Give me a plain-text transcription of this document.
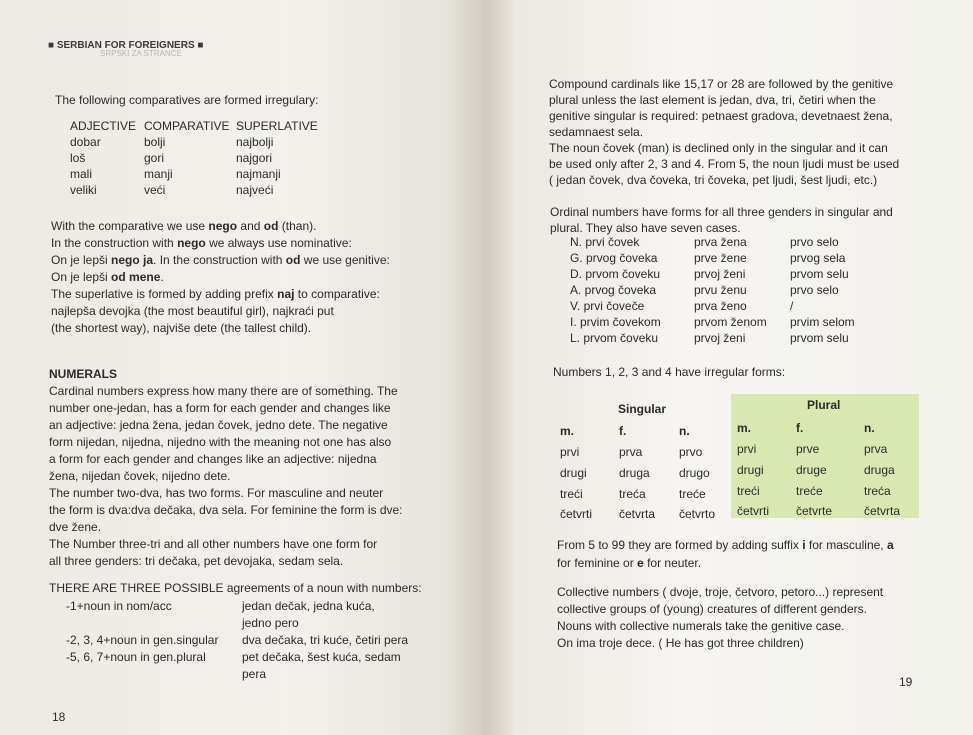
■ SERBIAN FOR FOREIGNERS ■
SRPSKI ZA STRANCE
The following comparatives are formed irregulary:
ADJECTIVE COMPARATIVE SUPERLATIVE
dobar	bolji	najbolji
loš	gori	najgori
mali	manji	najmanji
veliki	veći	najveći
With the comparative we use nego and od (than).
In the construction with nego we always use nominative:
On je lepši nego ja. In the construction with od we use genitive:
On je lepši od mene.
The superlative is formed by adding prefix naj to comparative:
najlepša devojka (the most beautiful girl), najkraći put
(the shortest way), najviše dete (the tallest child).
NUMERALS
Cardinal numbers express how many there are of something. The
number one-jedan, has a form for each gender and changes like
an adjective: jedna žena, jedan čovek, jedno dete. The negative
form nijedan, nijedna, nijedno with the meaning not one has also
a form for each gender and changes like an adjective: nijedna
žena, nijedan čovek, nijedno dete.
The number two-dva, has two forms. For masculine and neuter
the form is dva:dva dečaka, dva sela. For feminine the form is dve:
dve žene.
The Number three-tri and all other numbers have one form for
all three genders: tri dečaka, pet devojaka, sedam sela.
THERE ARE THREE POSSIBLE agreements of a noun with numbers:
-1+noun in nom/acc	jedan dečak, jedna kuća,
jedno pero
-2, 3, 4+noun in gen.singular dva dečaka, tri kuće, četiri pera
-5, 6, 7+noun in gen.plural	pet dečaka, šest kuća, sedam
pera
18
Compound cardinals like 15,17 or 28 are followed by the genitive
plural unless the last element is jedan, dva, tri, četiri when the
genitive singular is required: petnaest gradova, devetnaest žena,
sedamnaest sela.
The noun čovek (man) is declined only in the singular and it can
be used only after 2, 3 and 4. From 5, the noun ljudi must be used
( jedan čovek, dva čoveka, tri čoveka, pet ljudi, šest ljudi, etc.)
Ordinal numbers have forms for all three genders in singular and
plural. They also have seven cases.
N. prvi čovek	prva žena	prvo selo
G. prvog čoveka	prve žene	prvog sela
D. prvom čoveku	prvoj ženi	prvom selu
A. prvog čoveka	prvu ženu	prvo selo
V. prvi čoveče	prva ženo	/
I. prvim čovekom	prvom ženom	prvim selom
L. prvom čoveku	prvoj ženi	prvom selu
Numbers 1, 2, 3 and 4 have irregular forms:
Singular	Plural
m.	f.	n.	m.	f.	n.
prvi	prva	prvo	prvi	prve	prva
drugi	druga drugo drugi	druge	druga
treći	treća	treće	treći	treće	treća
četvrti četvrta četvrto četvrti četvrte	četvrta
From 5 to 99 they are formed by adding suffix i for masculine, a
for feminine or e for neuter.
Collective numbers ( dvoje, troje, četvoro, petoro...) represent
collective groups of (young) creatures of different genders.
Nouns with collective numerals take the genitive case.
On ima troje dece. ( He has got three children)
19
